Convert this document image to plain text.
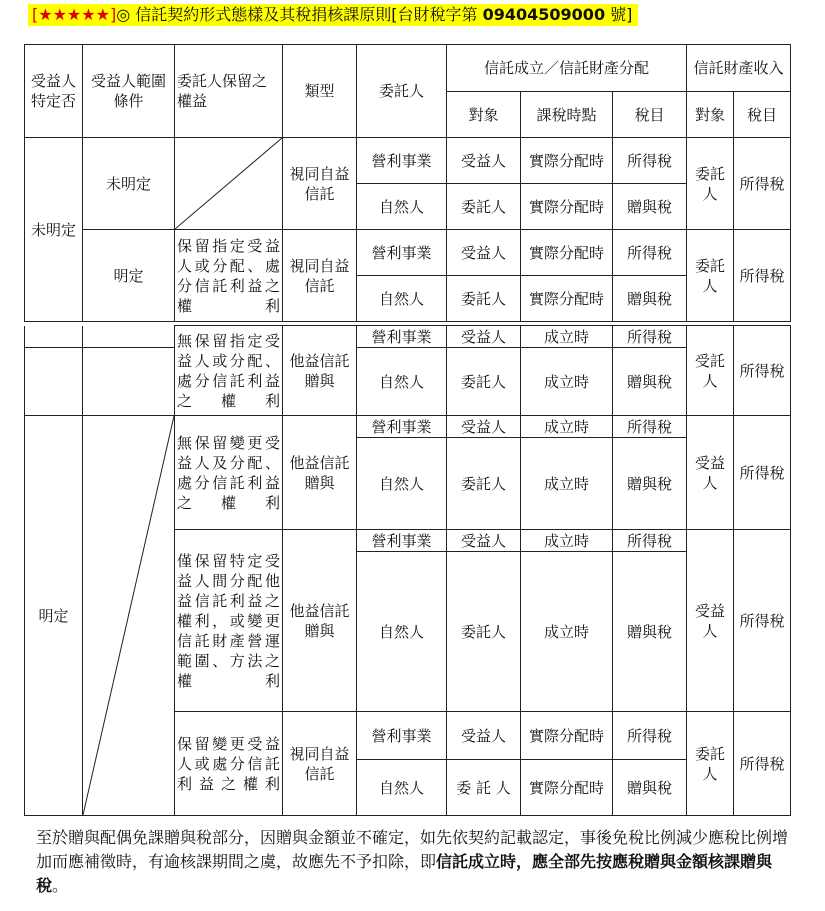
[★★★★★]◎ 信託契約形式態樣及其稅捐核課原則[台財稅字第 09404509000 號]
受益人特定否	受益人範圍條件	委託人保留之權益	類型	委託人	信託成立／信託財產分配			信託財產收入	
					對象	課稅時點	稅目	對象	稅目
未明定	未明定		視同自益信託	營利事業	受益人	實際分配時	所得稅	委託人	所得稅
				自然人	委託人	實際分配時	贈與稅		
	明定	保留指定受益人或分配、處分信託利益之權利	視同自益信託	營利事業	受益人	實際分配時	所得稅	委託人	所得稅
				自然人	委託人	實際分配時	贈與稅		
		無保留指定受益人或分配、處分信託利益之權利	他益信託贈與	營利事業	受益人	成立時	所得稅	受託人	所得稅
				自然人	委託人	成立時	贈與稅		
明定		無保留變更受益人及分配、處分信託利益之權利	他益信託贈與	營利事業	受益人	成立時	所得稅	受益人	所得稅
				自然人	委託人	成立時	贈與稅		
		僅保留特定受益人間分配他益信託利益之權利，或變更信託財產營運範圍、方法之權利	他益信託贈與	營利事業	受益人	成立時	所得稅	受益人	所得稅
				自然人	委託人	成立時	贈與稅		
		保留變更受益人或處分信託利益之權利	視同自益信託	營利事業	受益人	實際分配時	所得稅	委託人	所得稅
				自然人	委 託 人	實際分配時	贈與稅		
至於贈與配偶免課贈與稅部分，因贈與金額並不確定，如先依契約記載認定，事後免稅比例減少應稅比例增加而應補徵時，有逾核課期間之虞，故應先不予扣除，即信託成立時，應全部先按應稅贈與金額核課贈與稅。
